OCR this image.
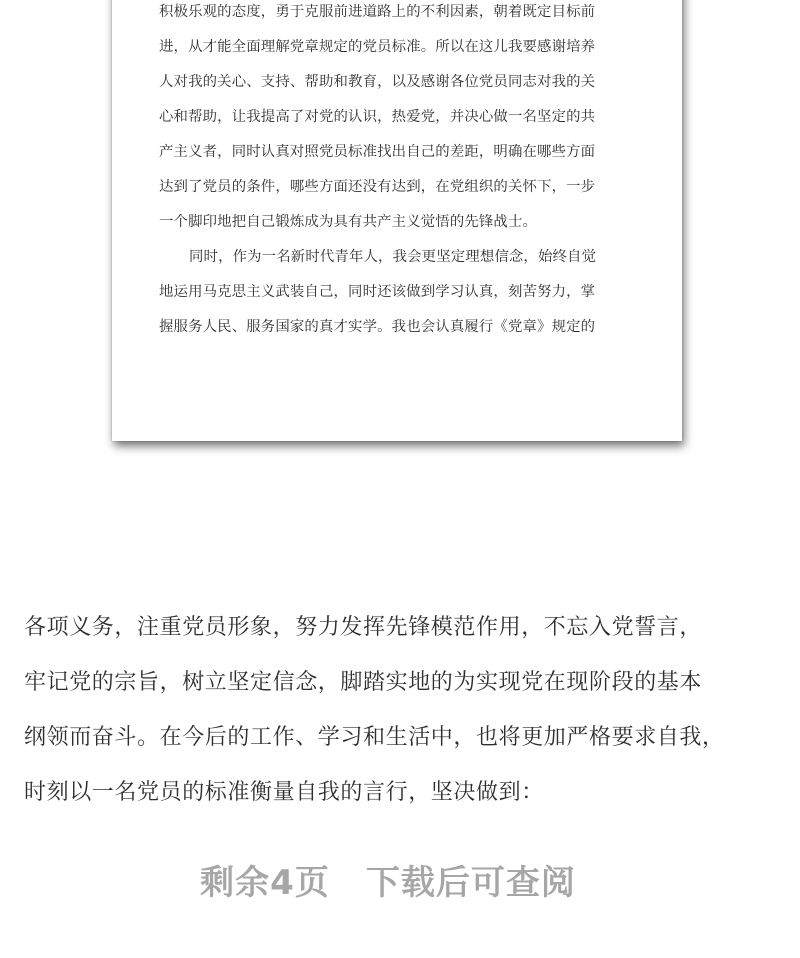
积极乐观的态度，勇于克服前进道路上的不利因素，朝着既定目标前

进，从才能全面理解党章规定的党员标准。所以在这儿我要感谢培养

人对我的关心、支持、帮助和教育，以及感谢各位党员同志对我的关

心和帮助，让我提高了对党的认识，热爱党，并决心做一名坚定的共

产主义者，同时认真对照党员标准找出自己的差距，明确在哪些方面

达到了党员的条件，哪些方面还没有达到，在党组织的关怀下，一步

一个脚印地把自己锻炼成为具有共产主义觉悟的先锋战士。

同时，作为一名新时代青年人，我会更坚定理想信念，始终自觉

地运用马克思主义武装自己，同时还该做到学习认真，刻苦努力，掌

握服务人民、服务国家的真才实学。我也会认真履行《党章》规定的

各项义务，注重党员形象，努力发挥先锋模范作用，不忘入党誓言，

牢记党的宗旨，树立坚定信念，脚踏实地的为实现党在现阶段的基本

纲领而奋斗。在今后的工作、学习和生活中，也将更加严格要求自我，

时刻以一名党员的标准衡量自我的言行，坚决做到：

剩余4页 下载后可查阅
